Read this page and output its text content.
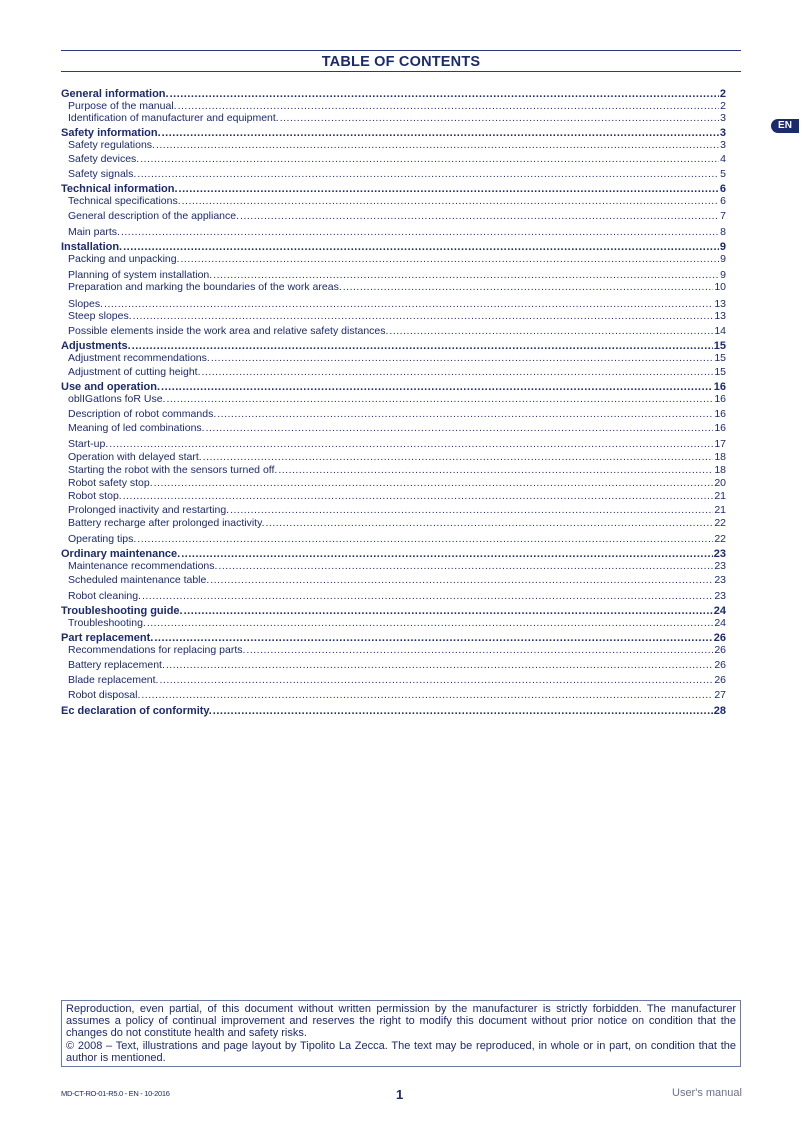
TABLE OF CONTENTS
EN
General information. .....	2
Purpose of the manual. .....	2
Identification of manufacturer and equipment. .....	3
Safety information. .....	3
Safety regulations. .....	3
Safety devices. .....	4
Safety signals. .....	5
Technical information. .....	6
Technical specifications. .....	6
General description of the appliance. .....	7
Main parts. .....	8
Installation. .....	9
Packing and unpacking. .....	9
Planning of system installation. .....	9
Preparation and marking the boundaries of the work areas. .....	10
Slopes. .....	13
Steep slopes. .....	13
Possible elements inside the work area and relative safety distances. .....	14
Adjustments. .....	15
Adjustment recommendations. .....	15
Adjustment of cutting height. .....	15
Use and operation. .....	16
oblIGatIons foR Use. .....	16
Description of robot commands. .....	16
Meaning of led combinations. .....	16
Start-up. .....	17
Operation with delayed start. .....	18
Starting the robot with the sensors turned off. .....	18
Robot safety stop. .....	20
Robot stop. .....	21
Prolonged inactivity and restarting. .....	21
Battery recharge after prolonged inactivity. .....	22
Operating tips. .....	22
Ordinary maintenance. .....	23
Maintenance recommendations. .....	23
Scheduled maintenance table. .....	23
Robot cleaning. .....	23
Troubleshooting guide. .....	24
Troubleshooting. .....	24
Part replacement. .....	26
Recommendations for replacing parts. .....	26
Battery replacement. .....	26
Blade replacement. .....	26
Robot disposal. .....	27
Ec declaration of conformity. .....	28

Reproduction, even partial, of this document without written permission by the manufacturer is strictly forbidden. The manufacturer assumes a policy of continual improvement and reserves the right to modify this document without prior notice on condition that the changes do not constitute health and safety risks.

© 2008 – Text, illustrations and page layout by Tipolito La Zecca. The text may be reproduced, in whole or in part, on condition that the author is mentioned.

MD-CT-RO-01-R5.0 - EN - 10-2016	1	User's manual
